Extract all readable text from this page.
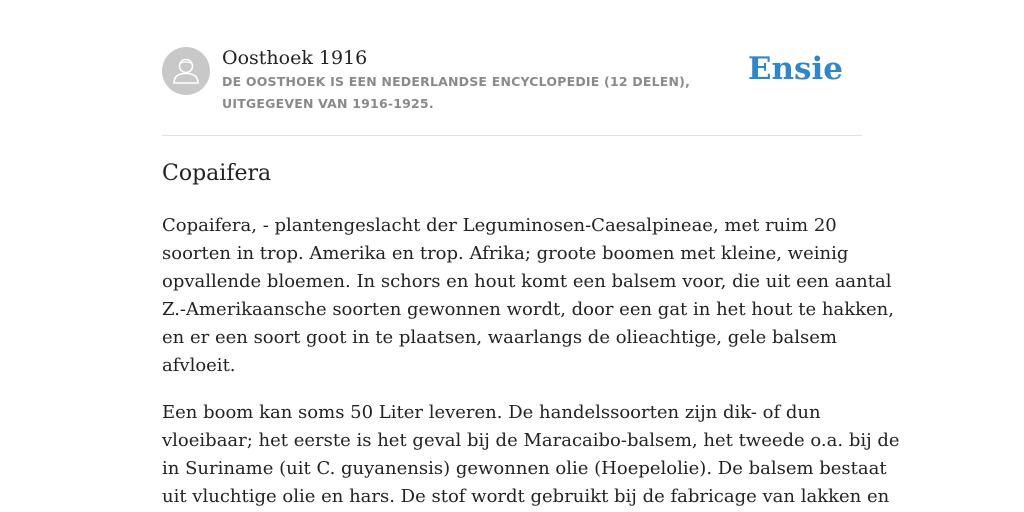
Oosthoek 1916
DE OOSTHOEK IS EEN NEDERLANDSE ENCYCLOPEDIE (12 DELEN), UITGEGEVEN VAN 1916-1925.
Ensie
Copaifera

Copaifera, - plantengeslacht der Leguminosen-Caesalpineae, met ruim 20
soorten in trop. Amerika en trop. Afrika; groote boomen met kleine, weinig
opvallende bloemen. In schors en hout komt een balsem voor, die uit een aantal
Z.-Amerikaansche soorten gewonnen wordt, door een gat in het hout te hakken,
en er een soort goot in te plaatsen, waarlangs de olieachtige, gele balsem
afvloeit.

Een boom kan soms 50 Liter leveren. De handelssoorten zijn dik- of dun
vloeibaar; het eerste is het geval bij de Maracaibo-balsem, het tweede o.a. bij de
in Suriname (uit C. guyanensis) gewonnen olie (Hoepelolie). De balsem bestaat
uit vluchtige olie en hars. De stof wordt gebruikt bij de fabricage van lakken en
